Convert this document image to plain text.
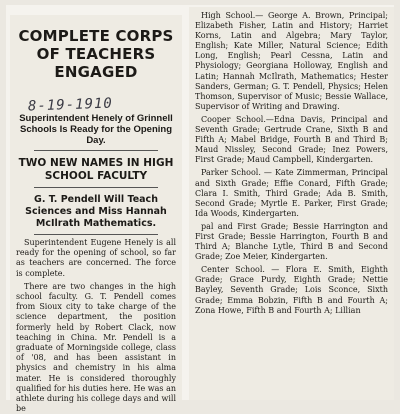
COMPLETE CORPS OF TEACHERS ENGAGED
8-19-1910
Superintendent Henely of Grinnell Schools Is Ready for the Opening Day.
TWO NEW NAMES IN HIGH SCHOOL FACULTY
G. T. Pendell Will Teach Sciences and Miss Hannah McIlrath Mathematics.

Superintendent Eugene Henely is all ready for the opening of school, so far as teachers are concerned. The force is complete.

There are two changes in the high school faculty. G. T. Pendell comes from Sioux city to take charge of the science department, the position formerly held by Robert Clack, now teaching in China. Mr. Pendell is a graduate of Morningside college, class of '08, and has been assistant in physics and chemistry in his alma mater. He is considered thoroughly qualified for his duties here. He was an athlete during his college days and will be

High School.— George A. Brown, Principal; Elizabeth Fisher, Latin and History; Harriet Korns, Latin and Algebra; Mary Taylor, English; Kate Miller, Natural Science; Edith Long, English; Pearl Cessna, Latin and Physiology; Georgiana Holloway, English and Latin; Hannah McIlrath, Mathematics; Hester Sanders, German; G. T. Pendell, Physics; Helen Thomson, Supervisor of Music; Bessie Wallace, Supervisor of Writing and Drawing.

Cooper School.—Edna Davis, Principal and Seventh Grade; Gertrude Crane, Sixth B and Fifth A; Mabel Bridge, Fourth B and Third B; Maud Nissley, Second Grade; Inez Powers, First Grade; Maud Campbell, Kindergarten.

Parker School. — Kate Zimmerman, Principal and Sixth Grade; Effie Conard, Fifth Grade; Clara I. Smith, Third Grade; Ada B. Smith, Second Grade; Myrtle E. Parker, First Grade; Ida Woods, Kindergarten.

pal and First Grade; Bessie Harrington and First Grade; Bessie Harrington, Fourth B and Third A; Blanche Lytle, Third B and Second Grade; Zoe Meier, Kindergarten.

Center School. — Flora E. Smith, Eighth Grade; Grace Purdy, Eighth Grade; Nettie Bayley, Seventh Grade; Lois Sconce, Sixth Grade; Emma Bobzin, Fifth B and Fourth A; Zona Howe, Fifth B and Fourth A; Lillian
